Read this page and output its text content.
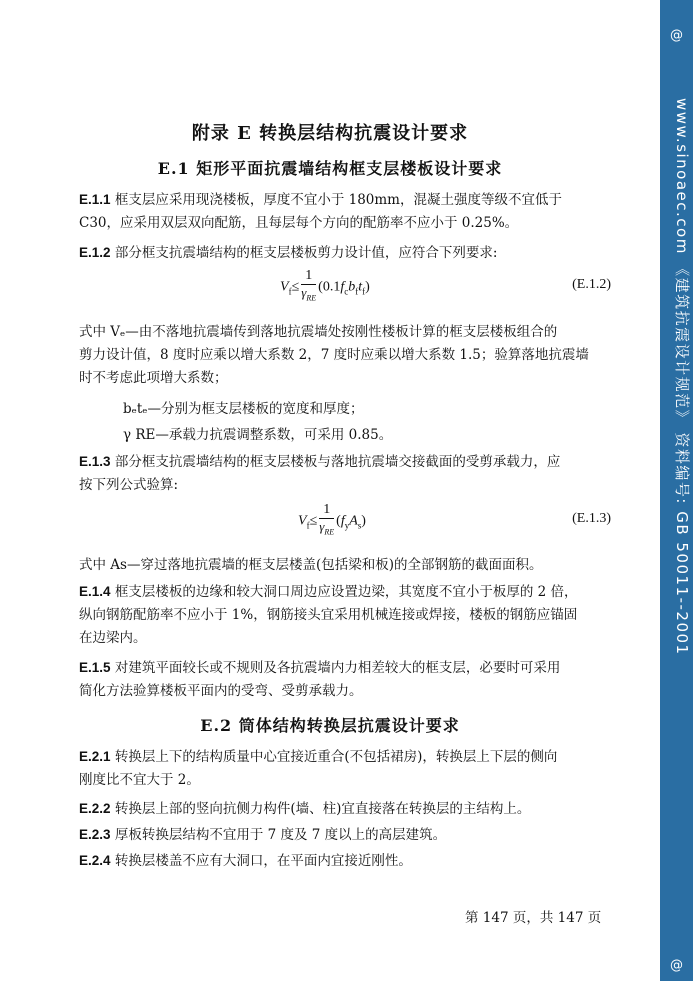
@
www.sinoaec.com 《建筑抗震设计规范》 资料编号: GB 50011--2001
@
附录 E 转换层结构抗震设计要求
E.1 矩形平面抗震墙结构框支层楼板设计要求
E.1.1 框支层应采用现浇楼板，厚度不宜小于 180mm，混凝土强度等级不宜低于
C30，应采用双层双向配筋，且每层每个方向的配筋率不应小于 0.25%。
E.1.2 部分框支抗震墙结构的框支层楼板剪力设计值，应符合下列要求:
$V_f\le \frac{1}{\gamma_{RE}} (0.1f_cb_ft_f)$	(E.1.2)
式中 Vₑ—由不落地抗震墙传到落地抗震墙处按刚性楼板计算的框支层楼板组合的
剪力设计值，8 度时应乘以增大系数 2，7 度时应乘以增大系数 1.5；验算落地抗震墙
时不考虑此项增大系数；
bₑtₑ—分别为框支层楼板的宽度和厚度；
γ RE—承载力抗震调整系数，可采用 0.85。
E.1.3 部分框支抗震墙结构的框支层楼板与落地抗震墙交接截面的受剪承载力，应
按下列公式验算:
$V_f\le \frac{1}{\gamma_{RE}} (f_yA_s)$	(E.1.3)
式中 As—穿过落地抗震墙的框支层楼盖(包括梁和板)的全部钢筋的截面面积。
E.1.4 框支层楼板的边缘和较大洞口周边应设置边梁，其宽度不宜小于板厚的 2 倍，
纵向钢筋配筋率不应小于 1%，钢筋接头宜采用机械连接或焊接，楼板的钢筋应锚固
在边梁内。
E.1.5 对建筑平面较长或不规则及各抗震墙内力相差较大的框支层，必要时可采用
简化方法验算楼板平面内的受弯、受剪承载力。
E.2 筒体结构转换层抗震设计要求
E.2.1 转换层上下的结构质量中心宜接近重合(不包括裙房)，转换层上下层的侧向
刚度比不宜大于 2。
E.2.2 转换层上部的竖向抗侧力构件(墙、柱)宜直接落在转换层的主结构上。
E.2.3 厚板转换层结构不宜用于 7 度及 7 度以上的高层建筑。
E.2.4 转换层楼盖不应有大洞口，在平面内宜接近刚性。
第 147 页，共 147 页
